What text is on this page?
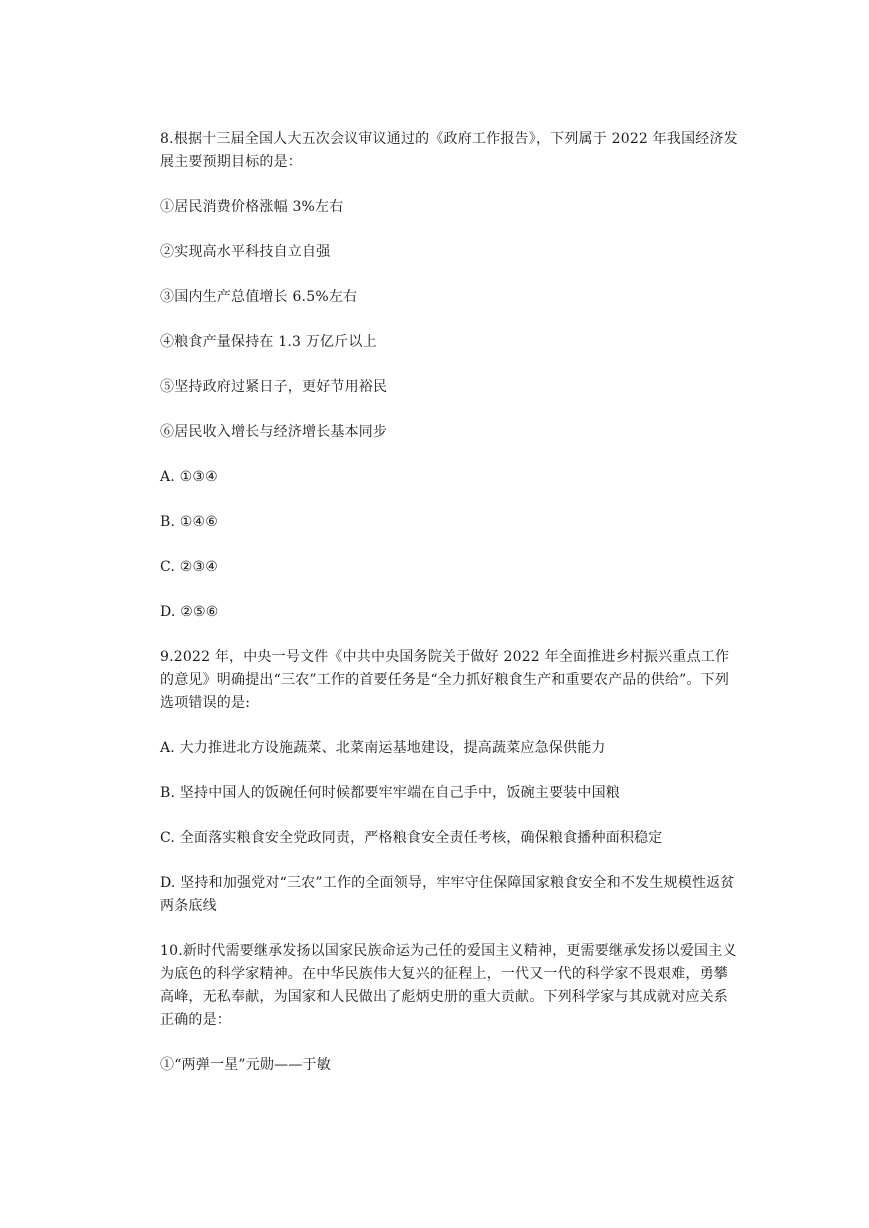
8.根据十三届全国人大五次会议审议通过的《政府工作报告》，下列属于 2022 年我国经济发展主要预期目标的是：

①居民消费价格涨幅 3%左右

②实现高水平科技自立自强

③国内生产总值增长 6.5%左右

④粮食产量保持在 1.3 万亿斤以上

⑤坚持政府过紧日子，更好节用裕民

⑥居民收入增长与经济增长基本同步

A. ①③④

B. ①④⑥

C. ②③④

D. ②⑤⑥

9.2022 年，中央一号文件《中共中央国务院关于做好 2022 年全面推进乡村振兴重点工作的意见》明确提出“三农”工作的首要任务是“全力抓好粮食生产和重要农产品的供给”。下列选项错误的是:

A. 大力推进北方设施蔬菜、北菜南运基地建设，提高蔬菜应急保供能力

B. 坚持中国人的饭碗任何时候都要牢牢端在自己手中，饭碗主要装中国粮

C. 全面落实粮食安全党政同责，严格粮食安全责任考核，确保粮食播种面积稳定

D. 坚持和加强党对“三农”工作的全面领导，牢牢守住保障国家粮食安全和不发生规模性返贫两条底线

10.新时代需要继承发扬以国家民族命运为己任的爱国主义精神，更需要继承发扬以爱国主义为底色的科学家精神。在中华民族伟大复兴的征程上，一代又一代的科学家不畏艰难，勇攀高峰，无私奉献，为国家和人民做出了彪炳史册的重大贡献。下列科学家与其成就对应关系正确的是：

①“两弹一星”元勋——于敏
